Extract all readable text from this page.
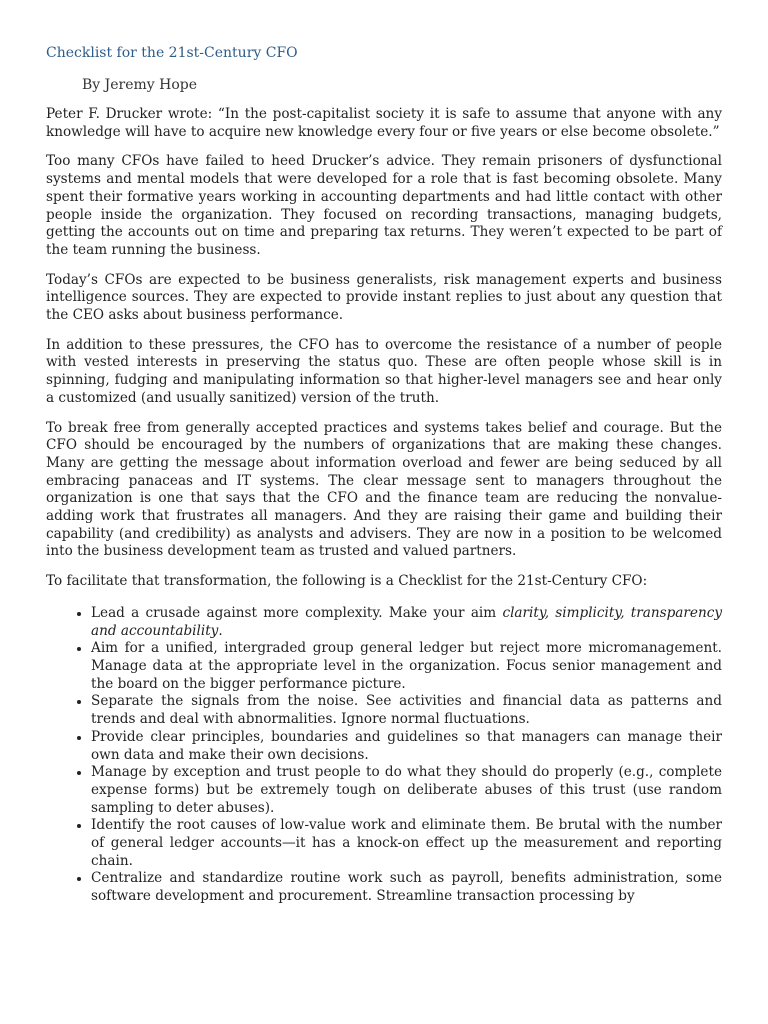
Checklist for the 21st-Century CFO
By Jeremy Hope

Peter F. Drucker wrote: “In the post-capitalist society it is safe to assume that anyone with any knowledge will have to acquire new knowledge every four or five years or else become obsolete.”

Too many CFOs have failed to heed Drucker’s advice. They remain prisoners of dysfunctional systems and mental models that were developed for a role that is fast becoming obsolete. Many spent their formative years working in accounting departments and had little contact with other people inside the organization. They focused on recording transactions, managing budgets, getting the accounts out on time and preparing tax returns. They weren’t expected to be part of the team running the business.

Today’s CFOs are expected to be business generalists, risk management experts and business intelligence sources. They are expected to provide instant replies to just about any question that the CEO asks about business performance.

In addition to these pressures, the CFO has to overcome the resistance of a number of people with vested interests in preserving the status quo. These are often people whose skill is in spinning, fudging and manipulating information so that higher-level managers see and hear only a customized (and usually sanitized) version of the truth.

To break free from generally accepted practices and systems takes belief and courage. But the CFO should be encouraged by the numbers of organizations that are making these changes. Many are getting the message about information overload and fewer are being seduced by all embracing panaceas and IT systems. The clear message sent to managers throughout the organization is one that says that the CFO and the finance team are reducing the nonvalue-adding work that frustrates all managers. And they are raising their game and building their capability (and credibility) as analysts and advisers. They are now in a position to be welcomed into the business development team as trusted and valued partners.

To facilitate that transformation, the following is a Checklist for the 21st-Century CFO:

• Lead a crusade against more complexity. Make your aim clarity, simplicity, transparency and accountability.
• Aim for a unified, intergraded group general ledger but reject more micromanagement. Manage data at the appropriate level in the organization. Focus senior management and the board on the bigger performance picture.
• Separate the signals from the noise. See activities and financial data as patterns and trends and deal with abnormalities. Ignore normal fluctuations.
• Provide clear principles, boundaries and guidelines so that managers can manage their own data and make their own decisions.
• Manage by exception and trust people to do what they should do properly (e.g., complete expense forms) but be extremely tough on deliberate abuses of this trust (use random sampling to deter abuses).
• Identify the root causes of low-value work and eliminate them. Be brutal with the number of general ledger accounts—it has a knock-on effect up the measurement and reporting chain.
• Centralize and standardize routine work such as payroll, benefits administration, some software development and procurement. Streamline transaction processing by
